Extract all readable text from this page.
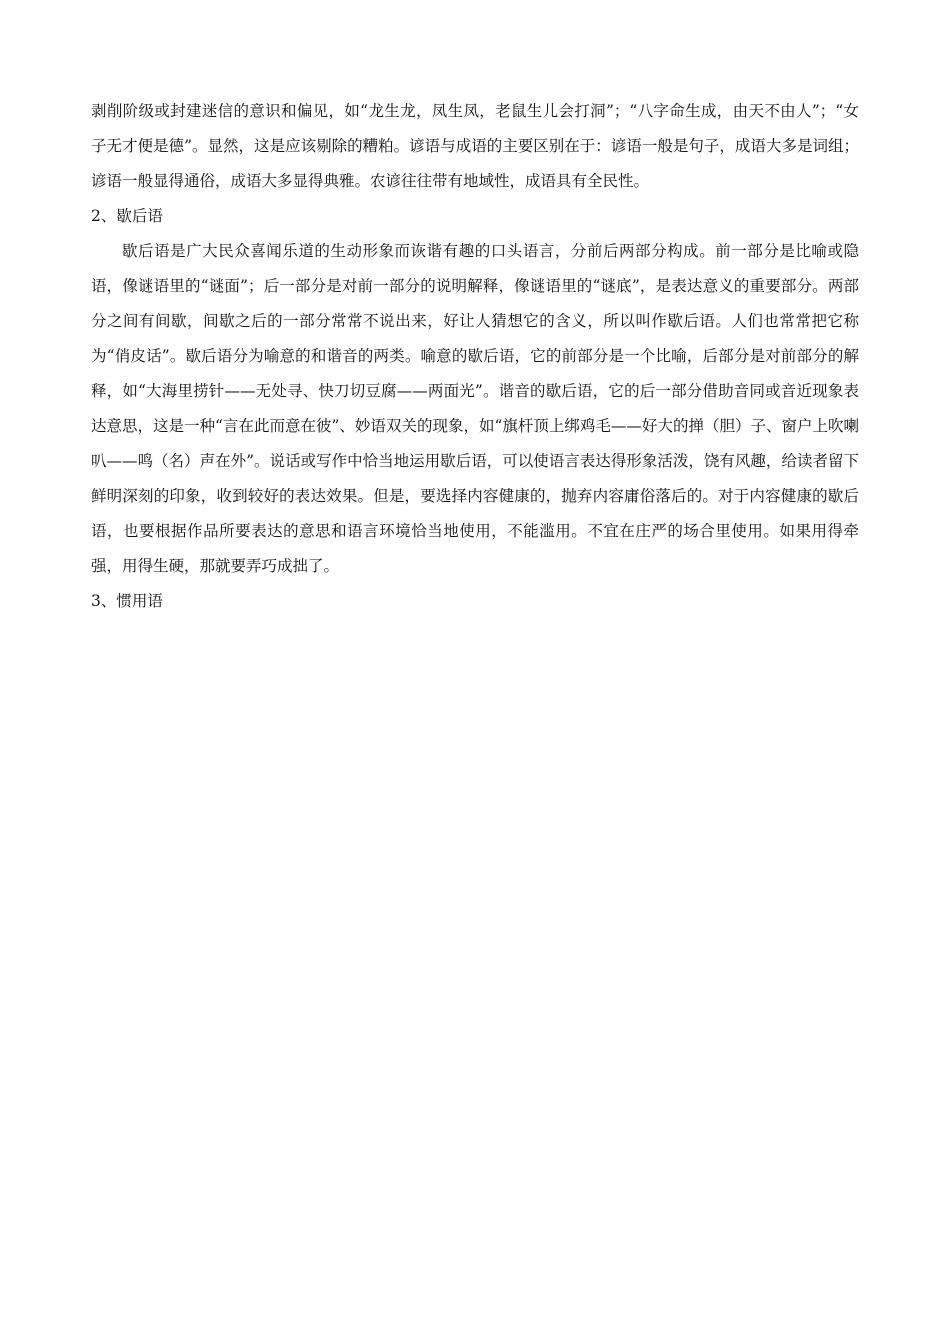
剥削阶级或封建迷信的意识和偏见，如“龙生龙，凤生凤，老鼠生儿会打洞”；“八字命生成，由天不由人”；“女子无才便是德”。显然，这是应该剔除的糟粕。谚语与成语的主要区别在于：谚语一般是句子，成语大多是词组；谚语一般显得通俗，成语大多显得典雅。农谚往往带有地域性，成语具有全民性。

2、歇后语

歇后语是广大民众喜闻乐道的生动形象而诙谐有趣的口头语言，分前后两部分构成。前一部分是比喻或隐语，像谜语里的“谜面”；后一部分是对前一部分的说明解释，像谜语里的“谜底”，是表达意义的重要部分。两部分之间有间歇，间歇之后的一部分常常不说出来，好让人猜想它的含义，所以叫作歇后语。人们也常常把它称为“俏皮话”。歇后语分为喻意的和谐音的两类。喻意的歇后语，它的前部分是一个比喻，后部分是对前部分的解释，如“大海里捞针——无处寻、快刀切豆腐——两面光”。谐音的歇后语，它的后一部分借助音同或音近现象表达意思，这是一种“言在此而意在彼”、妙语双关的现象，如“旗杆顶上绑鸡毛——好大的掸（胆）子、窗户上吹喇叭——鸣（名）声在外”。说话或写作中恰当地运用歇后语，可以使语言表达得形象活泼，饶有风趣，给读者留下鲜明深刻的印象，收到较好的表达效果。但是，要选择内容健康的，抛弃内容庸俗落后的。对于内容健康的歇后语，也要根据作品所要表达的意思和语言环境恰当地使用，不能滥用。不宜在庄严的场合里使用。如果用得牵强，用得生硬，那就要弄巧成拙了。

3、惯用语
